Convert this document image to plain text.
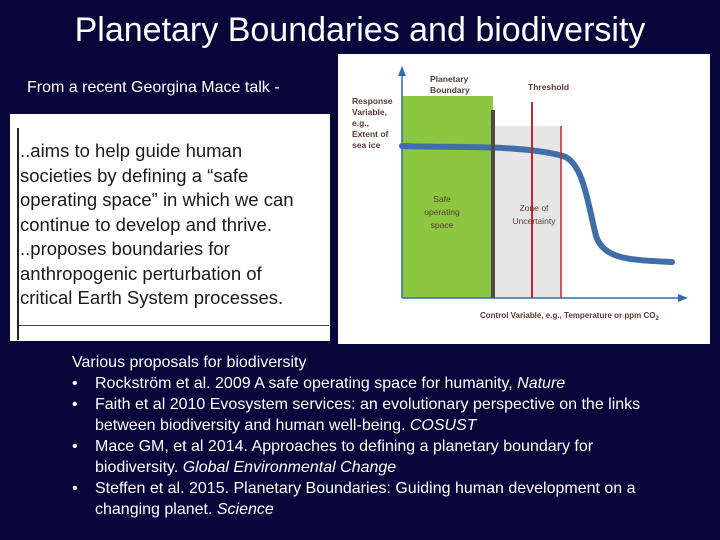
Planetary Boundaries and biodiversity
From a recent Georgina Mace talk -
..aims to help guide human
societies by defining a “safe
operating space” in which we can
continue to develop and thrive.
..proposes boundaries for
anthropogenic perturbation of
critical Earth System processes.
Planetary
Boundary	Threshold
Response
Variable,
e.g.,
Extent of
sea ice
Safe
operating
space
Zone of
Uncertainty
Control Variable, e.g., Temperature or ppm $CO_2$
Various proposals for biodiversity
• Rockström et al. 2009 A safe operating space for humanity, Nature
• Faith et al 2010 Evosystem services: an evolutionary perspective on the links between biodiversity and human well-being. COSUST
• Mace GM, et al 2014. Approaches to defining a planetary boundary for biodiversity. Global Environmental Change
• Steffen et al. 2015. Planetary Boundaries: Guiding human development on a changing planet. Science
